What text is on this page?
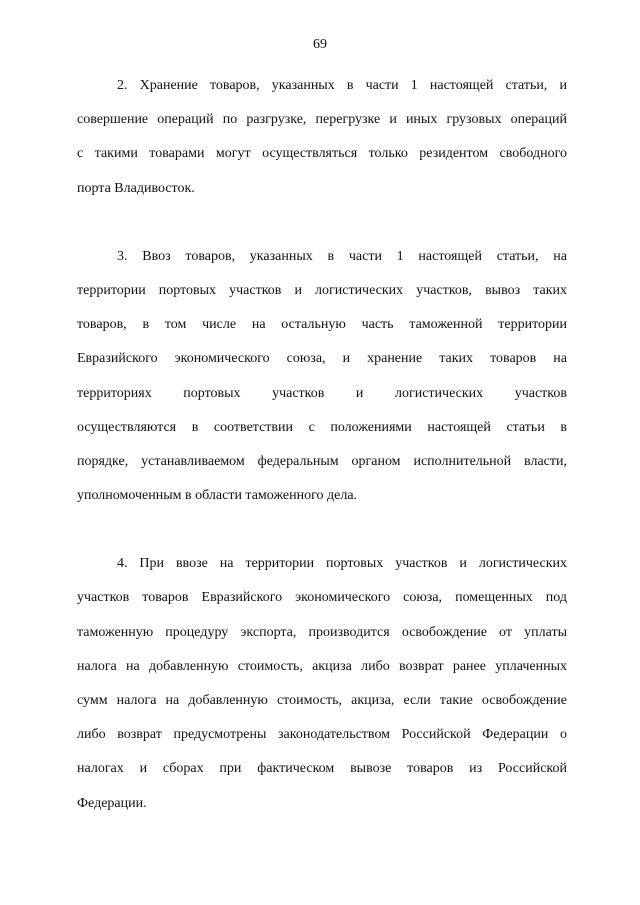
69
2. Хранение товаров, указанных в части 1 настоящей статьи, и
совершение операций по разгрузке, перегрузке и иных грузовых операций
с такими товарами могут осуществляться только резидентом свободного
порта Владивосток.
3. Ввоз товаров, указанных в части 1 настоящей статьи, на
территории портовых участков и логистических участков, вывоз таких
товаров, в том числе на остальную часть таможенной территории
Евразийского экономического союза, и хранение таких товаров на
территориях портовых участков и логистических участков
осуществляются в соответствии с положениями настоящей статьи в
порядке, устанавливаемом федеральным органом исполнительной власти,
уполномоченным в области таможенного дела.
4. При ввозе на территории портовых участков и логистических
участков товаров Евразийского экономического союза, помещенных под
таможенную процедуру экспорта, производится освобождение от уплаты
налога на добавленную стоимость, акциза либо возврат ранее уплаченных
сумм налога на добавленную стоимость, акциза, если такие освобождение
либо возврат предусмотрены законодательством Российской Федерации о
налогах и сборах при фактическом вывозе товаров из Российской
Федерации.
